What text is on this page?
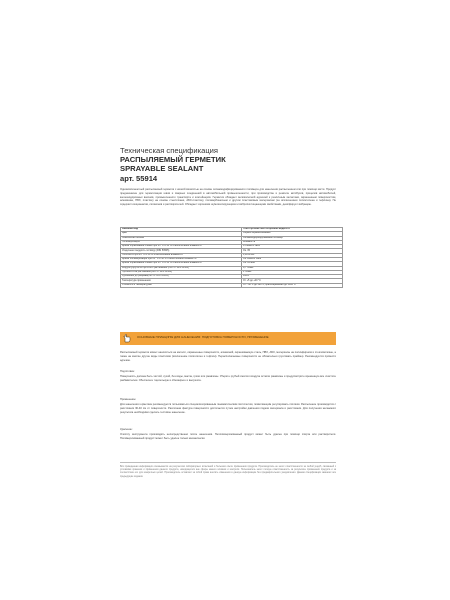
Техническая спецификация
РАСПЫЛЯЕМЫЙ ГЕРМЕТИК
SPRAYABLE SEALANT
арт. 55914
Однокомпонентный распыляемый герметик с низкой вязкостью на основе силанмодифицированного полимера для нанесения распылением или при помощи кисти. Продукт предназначен для герметизации швов и сварных соединений в автомобильной промышленности, при производстве и ремонте автобусов, прицепов автомобилей, железнодорожных вагонов, промышленного транспорта и контейнеров. Герметик обладает великолепной адгезией к различным металлам, окрашенным поверхностям, алюминию, ПВХ, пластику на основе стеклоткани, АБС-пластику, поликарбонатным и другим пластиковым материалам (за исключением полиэтилена и тефлона). Не содержит изоцианатов, силиконов и растворителей. Обладает хорошими шумоизолирующими и вибропоглощающими свойствами, демпфирует вибрацию.
Внешний вид	Тиксотропная пастообразная жидкость
Цвет	Серый/Черный/Бежевый
Химическая основа	Силанмодифицированный полимер
Полимеризация	Влажность
Время образования пленки при 23 °С и 50 % относительной влажности	15 мин/24 часа
Усадочная твердость по Шору (DIN 53505)	Ок. 35
Плотность при 23 °С и 50 % относительной влажности	1,40 кг/см³
Время полимеризации при 23 °С и 50 % относительной влажности	Ок. 2мм/24 часа
Время образования пленки при 23 °С и 50 % относительной влажности	Ок. 10 мин
Модуль упругости при 100% растяжении (ISO 37 DIN 53504)	0,7 Н/мм²
Прочность на растяжение(ISO 37 DIN 53504)	1 Н/мм²
Удлинение до разрыва(ISO 37 DIN 53504)	100%
Температура применения	От +5 до +40 °С
Стойкость к температурам	От - 40°С до +90°С, кратковременно до +120°С
ОСНОВНЫЕ ПРИНЦИПЫ ДЛЯ НАНЕСЕНИЯ: ПОДГОТОВКА ПОВЕРХНОСТИ, ПРИМЕНЕНИЕ
Распыляемый герметик может наноситься на металл, окрашенные поверхности, алюминий, окрашиваемую сталь, ПВХ, АБС, материалы на полиэфирном и стекловолокне, а также на многие другие виды пластиков (исключение полиэтилен и тефлон). Нерасполагаемые поверхности не обязательно грунтовать праймер. Рекомендуется провести адгезию.
Подготовка:
Поверхность должна быть чистой, сухой, без воды, масла, грязи или ржавчины. Уберите грубый сжатого воздуха остатки ржавчины и предусмотрите временную все очистите разбавителем. Обеспечьте тщательную и обезжирьте и высушите.
Применение:
Для нанесения герметика рекомендуется пользоваться специализированным пневматическим пистолетом, позволяющим регулировать потоком. Распыление производится с расстояния 30-40 см от поверхности. Различная фактура поверхности достигается путем настройки давления подачи материала и расстояния. Для получения желаемого результата необходимо сделать тестовое нанесение.
Удаление:
Очистку инструмента производить непосредственно после нанесения. Неполимеризованный продукт может быть удален при помощи спирта или растворителя. Полимеризованный продукт может быть удален только механически.
Вся приведенная информация основывается на результатах лабораторных испытаний и большом опыте применения продукта. Производитель не несет ответственности за любой ущерб, связанный с условиями хранения и применения данного продукта, находящегося вне сферы нашего влияния и контроля. Пользователь несет полную ответственность за результаты применения продукта и за соответствие его для конкретных целей. Производитель оставляет за собой право вносить изменения в данную информацию без предварительного уведомления. Данная спецификация заменяет все предыдущие издания.
